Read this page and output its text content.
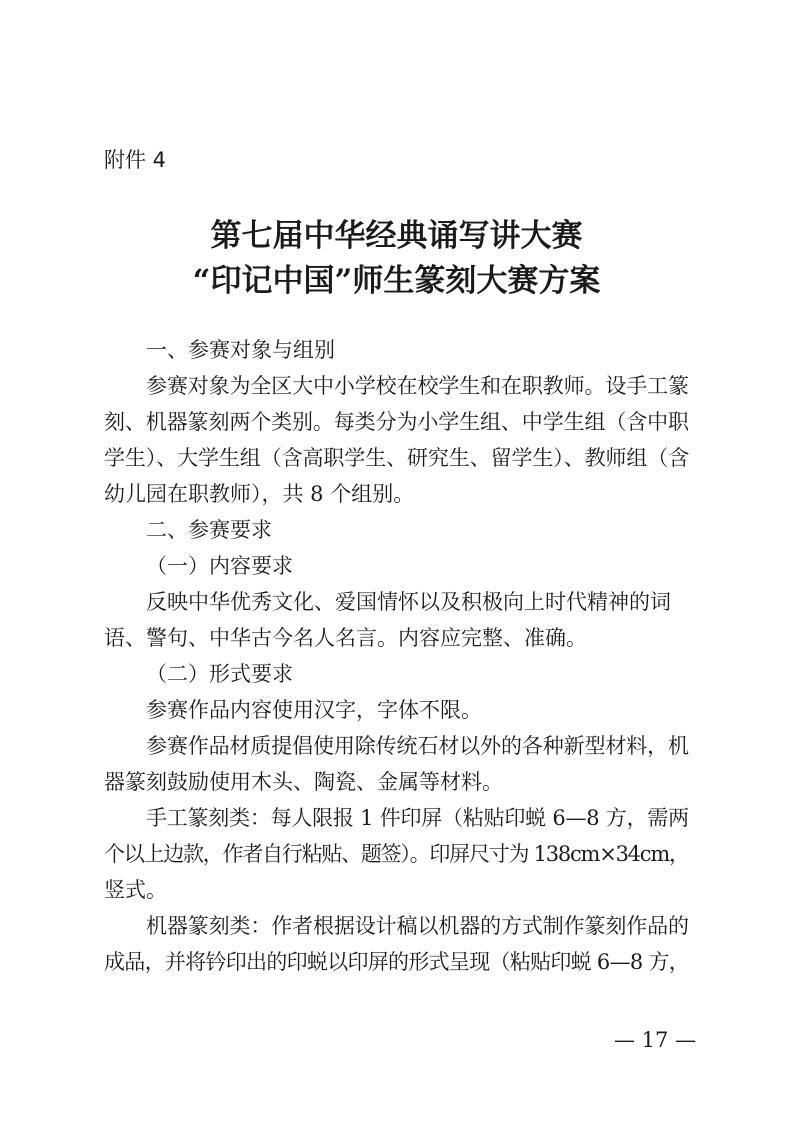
附件 4
第七届中华经典诵写讲大赛
“印记中国”师生篆刻大赛方案
一、参赛对象与组别

参赛对象为全区大中小学校在校学生和在职教师。设手工篆

刻、机器篆刻两个类别。每类分为小学生组、中学生组（含中职

学生）、大学生组（含高职学生、研究生、留学生）、教师组（含

幼儿园在职教师），共 8 个组别。

二、参赛要求
（一）内容要求

反映中华优秀文化、爱国情怀以及积极向上时代精神的词

语、警句、中华古今名人名言。内容应完整、准确。

（二）形式要求

参赛作品内容使用汉字，字体不限。

参赛作品材质提倡使用除传统石材以外的各种新型材料，机

器篆刻鼓励使用木头、陶瓷、金属等材料。

手工篆刻类：每人限报 1 件印屏（粘贴印蜕 6—8 方，需两

个以上边款，作者自行粘贴、题签）。印屏尺寸为 138cm×34cm，

竖式。

机器篆刻类：作者根据设计稿以机器的方式制作篆刻作品的

成品，并将钤印出的印蜕以印屏的形式呈现（粘贴印蜕 6—8 方，

— 17 —
